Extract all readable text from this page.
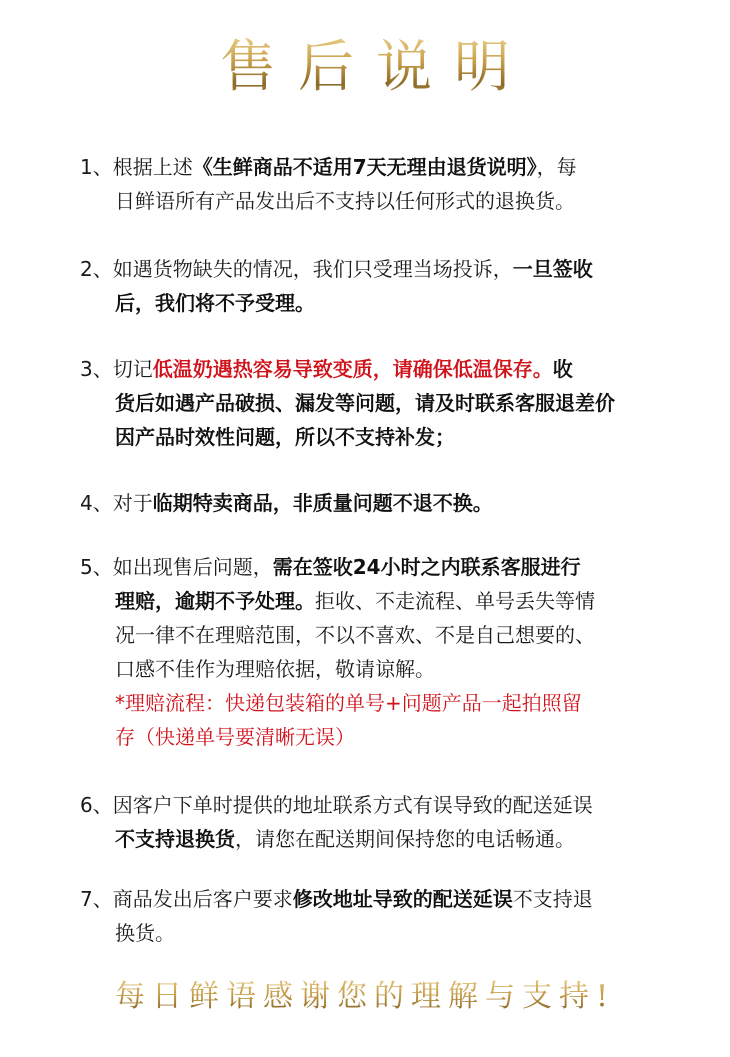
售后说明
1、根据上述《生鲜商品不适用7天无理由退货说明》，每
日鲜语所有产品发出后不支持以任何形式的退换货。
2、如遇货物缺失的情况，我们只受理当场投诉，一旦签收
后，我们将不予受理。
3、切记低温奶遇热容易导致变质，请确保低温保存。收
货后如遇产品破损、漏发等问题，请及时联系客服退差价
因产品时效性问题，所以不支持补发；
4、对于临期特卖商品，非质量问题不退不换。
5、如出现售后问题，需在签收24小时之内联系客服进行
理赔，逾期不予处理。拒收、不走流程、单号丢失等情
况一律不在理赔范围，不以不喜欢、不是自己想要的、
口感不佳作为理赔依据，敬请谅解。
*理赔流程：快递包装箱的单号+问题产品一起拍照留
存（快递单号要清晰无误）
6、因客户下单时提供的地址联系方式有误导致的配送延误
不支持退换货，请您在配送期间保持您的电话畅通。
7、商品发出后客户要求修改地址导致的配送延误不支持退
换货。
每日鲜语感谢您的理解与支持!
